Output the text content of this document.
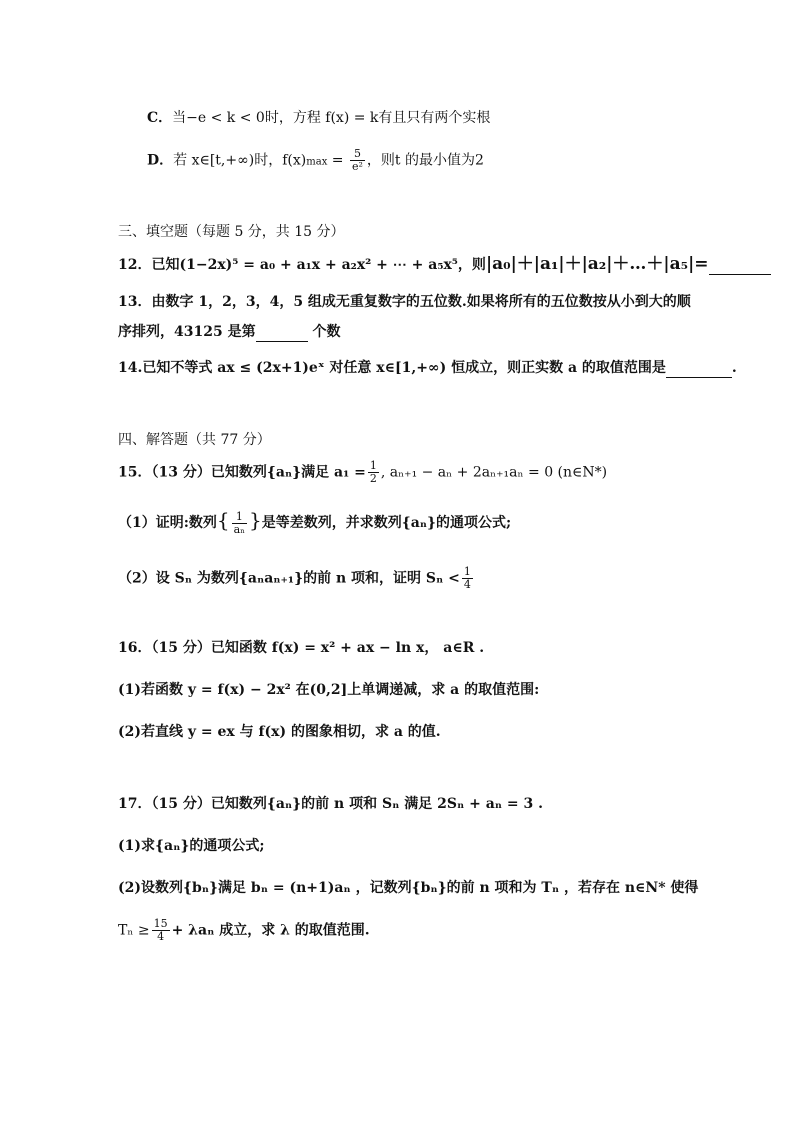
C．当−e < k < 0时，方程 f(x) = k有且只有两个实根
D．若 x∈[t,+∞)时，$f(x)\max = \frac{5}{\text{e²}}$ ，则t 的最小值为2
三、填空题（每题 5 分，共 15 分）
12．已知(1−2x)⁵ = a₀ + a₁x + a₂x² + ⋯ + a₅x⁵，则|a₀|＋|a₁|＋|a₂|＋…＋|a₅|=
13．由数字 1，2，3，4，5 组成无重复数字的五位数.如果将所有的五位数按从小到大的顺
序排列，43125 是第	个数
14.已知不等式 ax ≤ (2x+1)eˣ 对任意 x∈[1,+∞) 恒成立，则正实数 a 的取值范围是	.
四、解答题（共 77 分）
15．（13 分）已知数列{aₙ}满足 $a_1 = \frac{1}{2}$ , aₙ₊₁ − aₙ + 2aₙ₊₁aₙ = 0 (n∈N*)
（1）证明:数列{ $\frac{1}{\text{aₙ}}$ }是等差数列，并求数列{aₙ}的通项公式;
（2）设 Sₙ 为数列{aₙaₙ₊₁}的前 n 项和，证明 $S_n < \frac{1}{4}$
16．（15 分）已知函数 f(x) = x² + ax − ln x， a∈R .
(1)若函数 y = f(x) − 2x² 在(0,2]上单调递减，求 a 的取值范围:
(2)若直线 y = ex 与 f(x) 的图象相切，求 a 的值.
17．（15 分）已知数列{aₙ}的前 n 项和 Sₙ 满足 2Sₙ + aₙ = 3 .
(1)求{aₙ}的通项公式;
(2)设数列{bₙ}满足 bₙ = (n+1)aₙ ，记数列{bₙ}的前 n 项和为 Tₙ ，若存在 n∈N* 使得
$T_n \ge \frac{15}{4} + \lambda a_n$ 成立，求 λ 的取值范围.
